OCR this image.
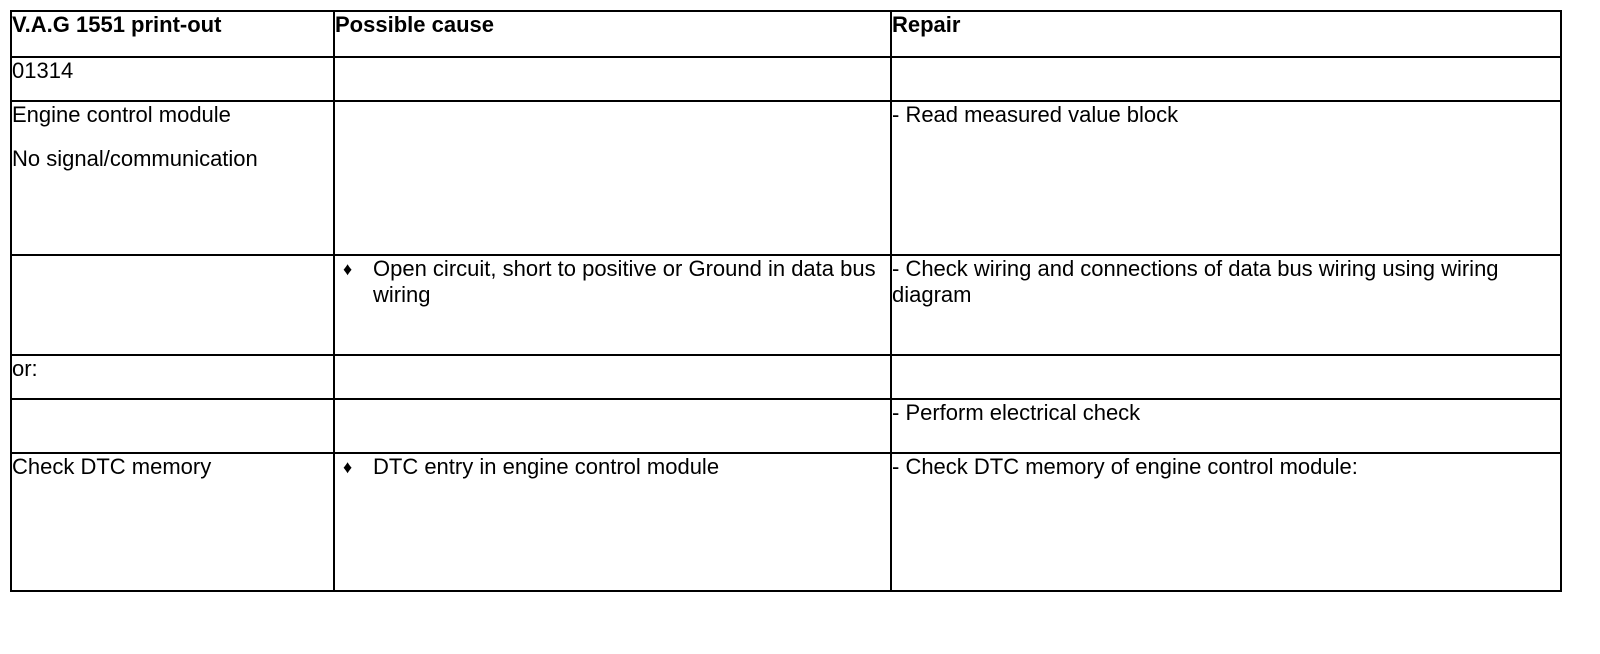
V.A.G 1551 print-out	Possible cause	Repair
01314		

Engine control module
No signal/communication		- Read measured value block

	♦ Open circuit, short to positive or Ground in data bus wiring	- Check wiring and connections of data bus wiring using wiring diagram
or:		
		- Perform electrical check
Check DTC memory	♦ DTC entry in engine control module	- Check DTC memory of engine control module:
